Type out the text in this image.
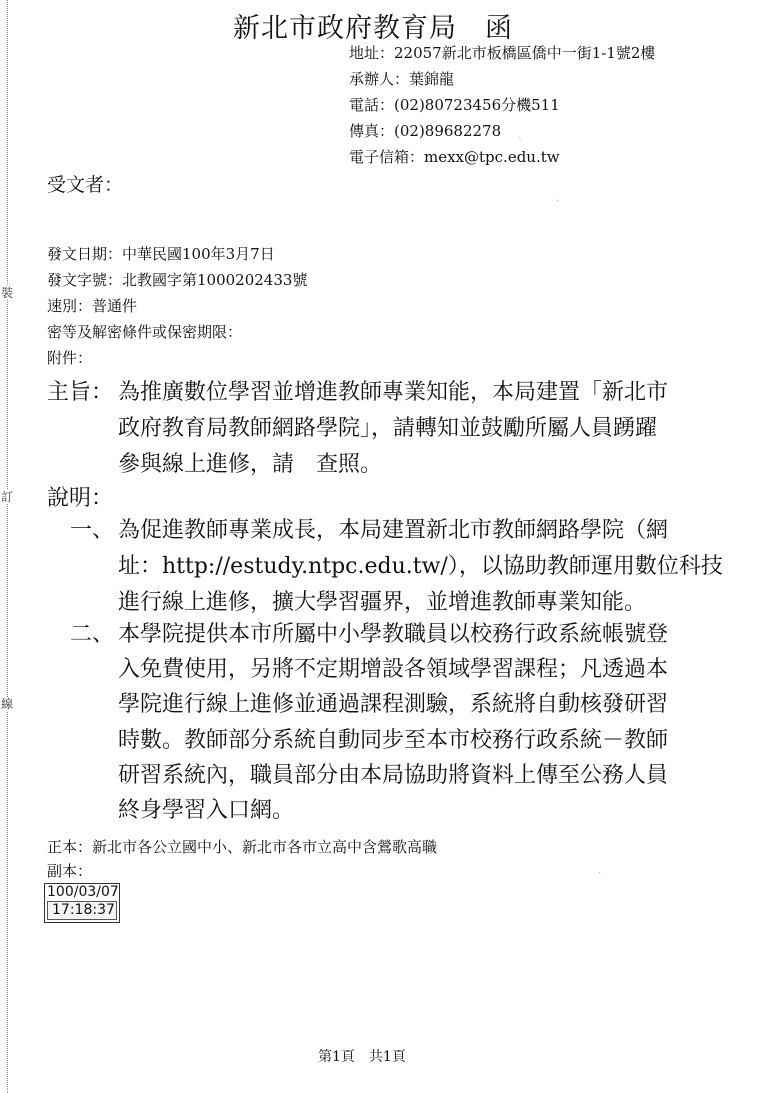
裝
訂
線
新北市政府教育局　函
地址：22057新北市板橋區僑中一街1-1號2樓
承辦人：葉錦龍
電話：(02)80723456分機511
傳真：(02)89682278
電子信箱：mexx@tpc.edu.tw
受文者：
發文日期：中華民國100年3月7日
發文字號：北教國字第1000202433號
速別：普通件
密等及解密條件或保密期限：
附件：
主旨： 為推廣數位學習並增進教師專業知能，本局建置「新北市
政府教育局教師網路學院」，請轉知並鼓勵所屬人員踴躍
參與線上進修，請　查照。
說明：
一、 為促進教師專業成長，本局建置新北市教師網路學院（網
址：http://estudy.ntpc.edu.tw/），以協助教師運用數位科技
進行線上進修，擴大學習疆界，並增進教師專業知能。
二、 本學院提供本市所屬中小學教職員以校務行政系統帳號登
入免費使用，另將不定期增設各領域學習課程；凡透過本
學院進行線上進修並通過課程測驗，系統將自動核發研習
時數。教師部分系統自動同步至本市校務行政系統－教師
研習系統內，職員部分由本局協助將資料上傳至公務人員
終身學習入口網。
正本：新北市各公立國中小、新北市各市立高中含鶯歌高職
副本：
100/03/07
17:18:37
第1頁　共1頁
`
·
⋅
